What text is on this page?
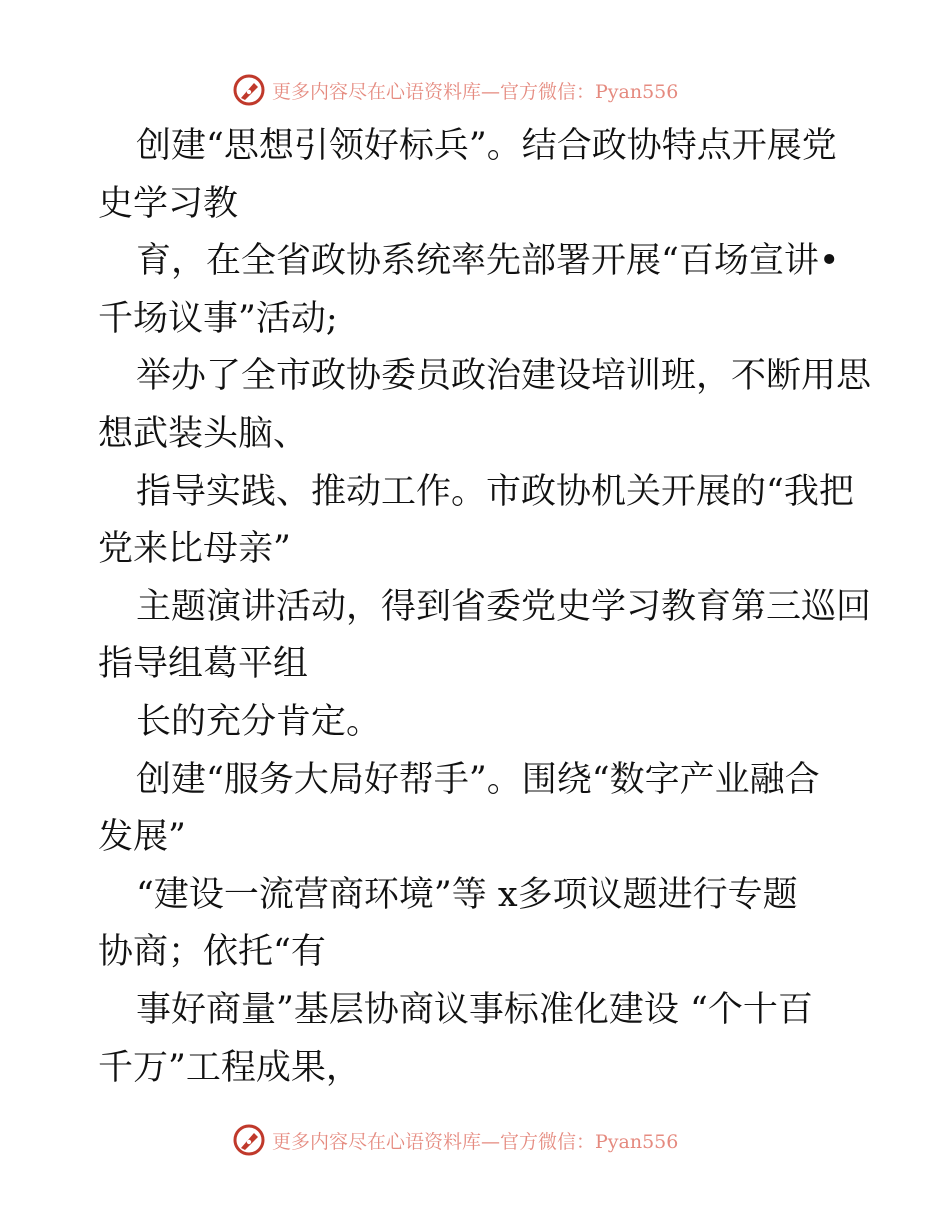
更多内容尽在心语资料库—官方微信：Pyan556
创建“思想引领好标兵”。结合政协特点开展党
史学习教
育，在全省政协系统率先部署开展“百场宣讲•
千场议事”活动;
举办了全市政协委员政治建设培训班，不断用思
想武装头脑、
指导实践、推动工作。市政协机关开展的“我把
党来比母亲”
主题演讲活动，得到省委党史学习教育第三巡回
指导组葛平组
长的充分肯定。
创建“服务大局好帮手”。围绕“数字产业融合
发展”
“建设一流营商环境”等 x多项议题进行专题
协商；依托“有
事好商量”基层协商议事标准化建设 “个十百
千万”工程成果，
更多内容尽在心语资料库—官方微信：Pyan556
